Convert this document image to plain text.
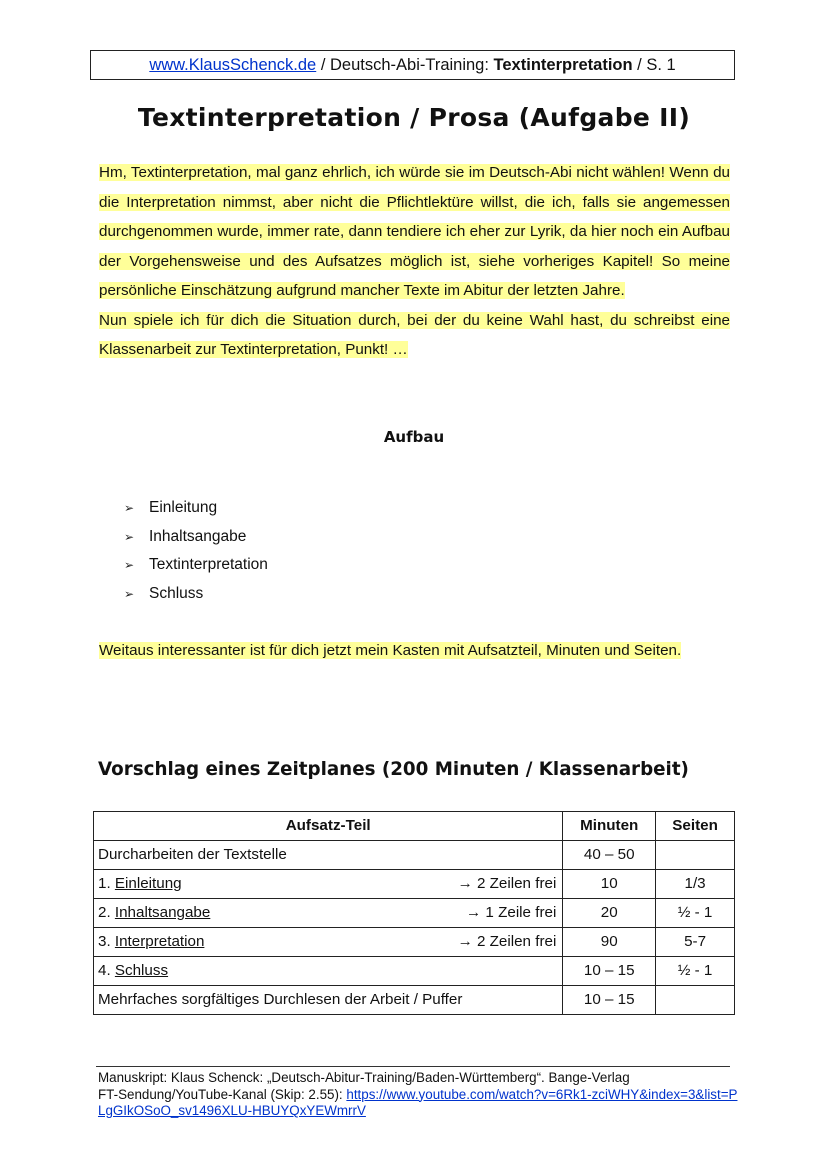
www.KlausSchenck.de / Deutsch-Abi-Training: Textinterpretation / S. 1
Textinterpretation / Prosa (Aufgabe II)

Hm, Textinterpretation, mal ganz ehrlich, ich würde sie im Deutsch-Abi nicht wählen! Wenn du die Interpretation nimmst, aber nicht die Pflichtlektüre willst, die ich, falls sie angemessen durchgenommen wurde, immer rate, dann tendiere ich eher zur Lyrik, da hier noch ein Aufbau der Vorgehensweise und des Aufsatzes möglich ist, siehe vorheriges Kapitel! So meine persönliche Einschätzung aufgrund mancher Texte im Abitur der letzten Jahre.

Nun spiele ich für dich die Situation durch, bei der du keine Wahl hast, du schreibst eine Klassenarbeit zur Textinterpretation, Punkt! …

Aufbau
➢ Einleitung
➢ Inhaltsangabe
➢ Textinterpretation
➢ Schluss
Weitaus interessanter ist für dich jetzt mein Kasten mit Aufsatzteil, Minuten und Seiten.
Vorschlag eines Zeitplanes (200 Minuten / Klassenarbeit)
Aufsatz-Teil	Minuten	Seiten
Durcharbeiten der Textstelle	40 – 50	
1. Einleitung → 2 Zeilen frei	10	1/3
2. Inhaltsangabe → 1 Zeile frei	20	½ - 1
3. Interpretation → 2 Zeilen frei	90	5-7
4. Schluss	10 – 15	½ - 1
Mehrfaches sorgfältiges Durchlesen der Arbeit / Puffer	10 – 15	
Manuskript: Klaus Schenck: „Deutsch-Abitur-Training/Baden-Württemberg“. Bange-Verlag
FT-Sendung/YouTube-Kanal (Skip: 2.55): https://www.youtube.com/watch?v=6Rk1-zciWHY&index=3&list=PLgGIkOSoO_sv1496XLU-HBUYQxYEWmrrV
